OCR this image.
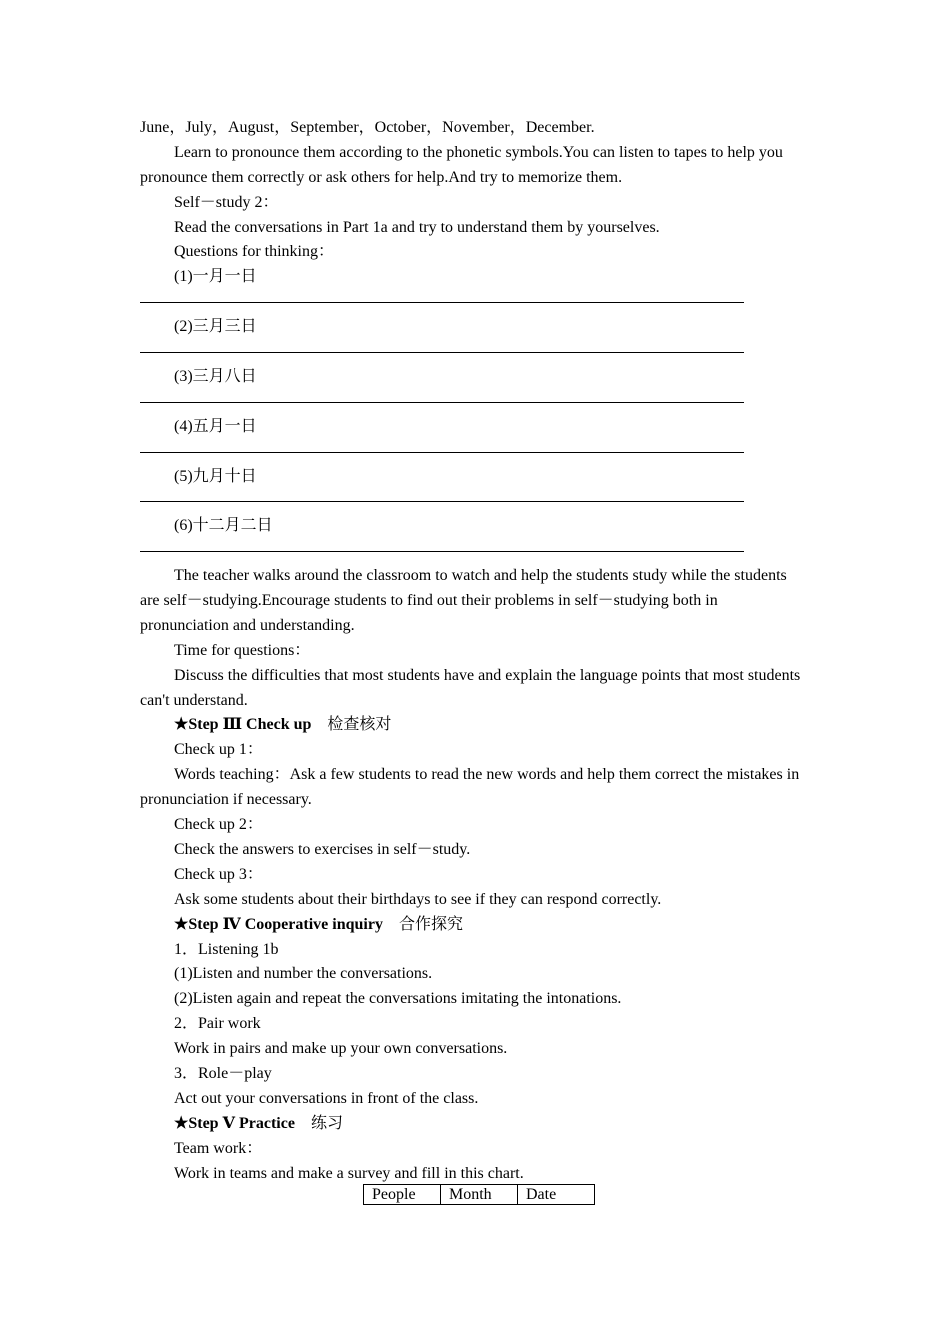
June，July，August，September，October，November，December.
Learn to pronounce them according to the phonetic symbols.You can listen to tapes to help you pronounce them correctly or ask others for help.And try to memorize them.
Self－study 2：
Read the conversations in Part 1a and try to understand them by yourselves.
Questions for thinking：
(1)一月一日
(2)三月三日
(3)三月八日
(4)五月一日
(5)九月十日
(6)十二月二日
The teacher walks around the classroom to watch and help the students study while the students are self－studying.Encourage students to find out their problems in self－studying both in pronunciation and understanding.
Time for questions：
Discuss the difficulties that most students have and explain the language points that most students can't understand.
★Step Ⅲ Check up 检查核对
Check up 1：
Words teaching：Ask a few students to read the new words and help them correct the mistakes in pronunciation if necessary.
Check up 2：
Check the answers to exercises in self－study.
Check up 3：
Ask some students about their birthdays to see if they can respond correctly.
★Step Ⅳ Cooperative inquiry 合作探究
1．Listening 1b
(1)Listen and number the conversations.
(2)Listen again and repeat the conversations imitating the intonations.
2．Pair work
Work in pairs and make up your own conversations.
3．Role－play
Act out your conversations in front of the class.
★Step Ⅴ Practice 练习
Team work：
Work in teams and make a survey and fill in this chart.
People	Month	Date
